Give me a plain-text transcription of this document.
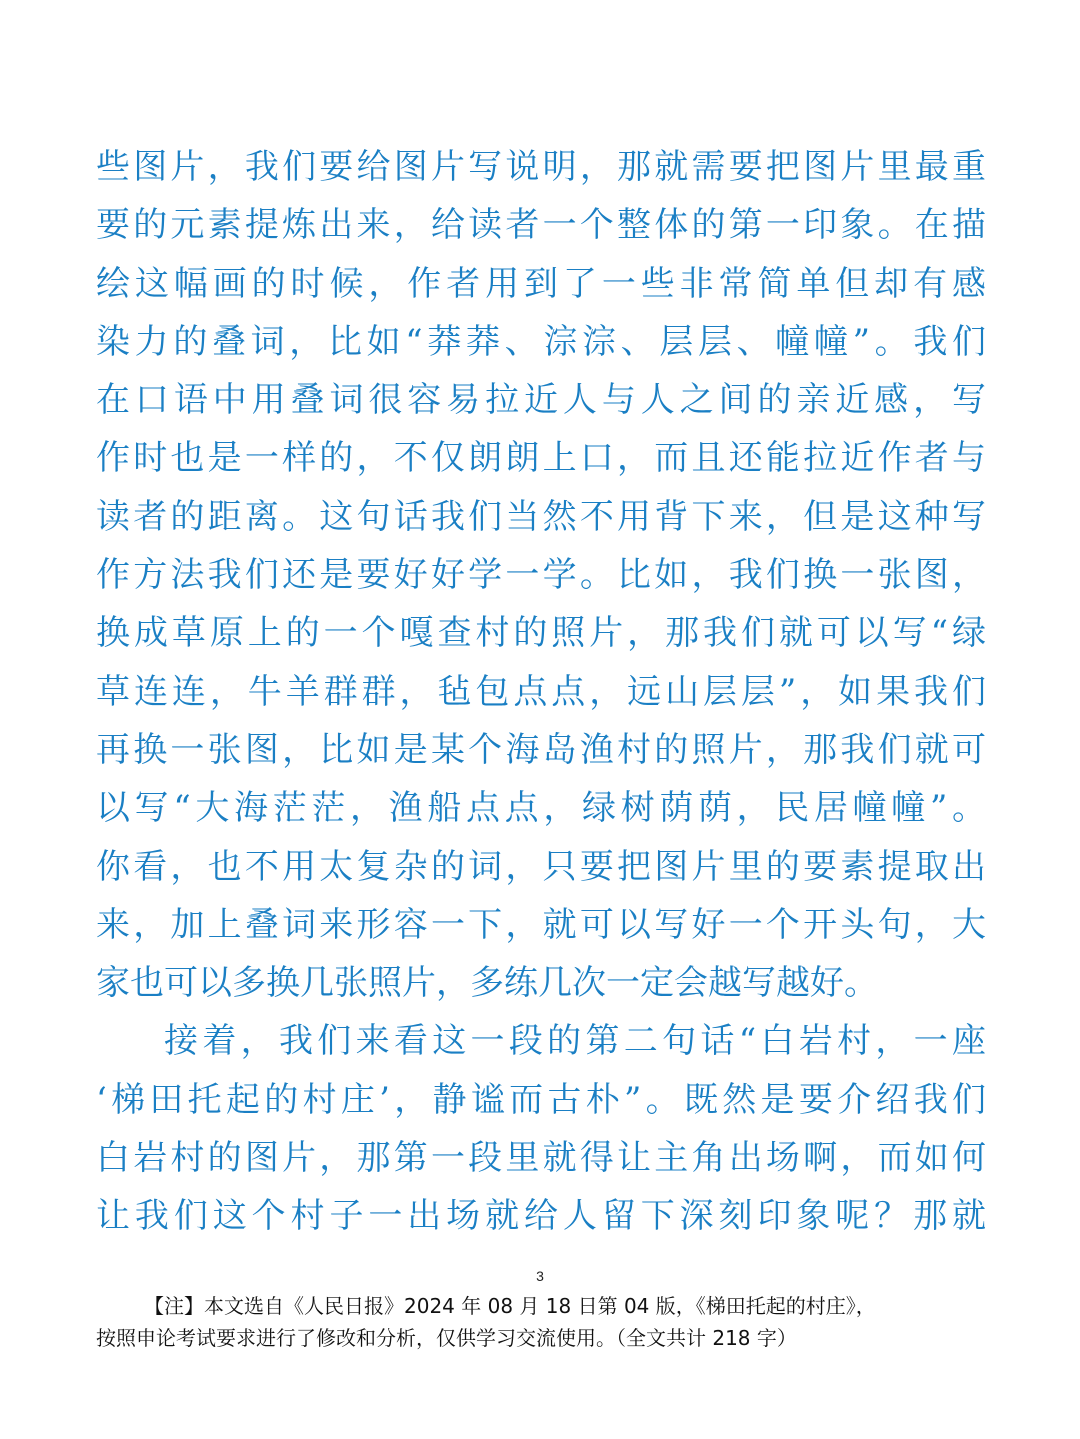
些图片，我们要给图片写说明，那就需要把图片里最重
要的元素提炼出来，给读者一个整体的第一印象。在描
绘这幅画的时候，作者用到了一些非常简单但却有感
染力的叠词，比如“莽莽、淙淙、层层、幢幢”。我们
在口语中用叠词很容易拉近人与人之间的亲近感，写
作时也是一样的，不仅朗朗上口，而且还能拉近作者与
读者的距离。这句话我们当然不用背下来，但是这种写
作方法我们还是要好好学一学。比如，我们换一张图，
换成草原上的一个嘎查村的照片，那我们就可以写“绿
草连连，牛羊群群，毡包点点，远山层层”，如果我们
再换一张图，比如是某个海岛渔村的照片，那我们就可
以写“大海茫茫，渔船点点，绿树荫荫，民居幢幢”。
你看，也不用太复杂的词，只要把图片里的要素提取出
来，加上叠词来形容一下，就可以写好一个开头句，大
家也可以多换几张照片，多练几次一定会越写越好。
接着，我们来看这一段的第二句话“白岩村，一座
‘梯田托起的村庄’，静谧而古朴”。既然是要介绍我们
白岩村的图片，那第一段里就得让主角出场啊，而如何
让我们这个村子一出场就给人留下深刻印象呢？那就
3
【注】本文选自《人民日报》2024 年 08 月 18 日第 04 版，《梯田托起的村庄》，
按照申论考试要求进行了修改和分析，仅供学习交流使用。（全文共计 218 字）
